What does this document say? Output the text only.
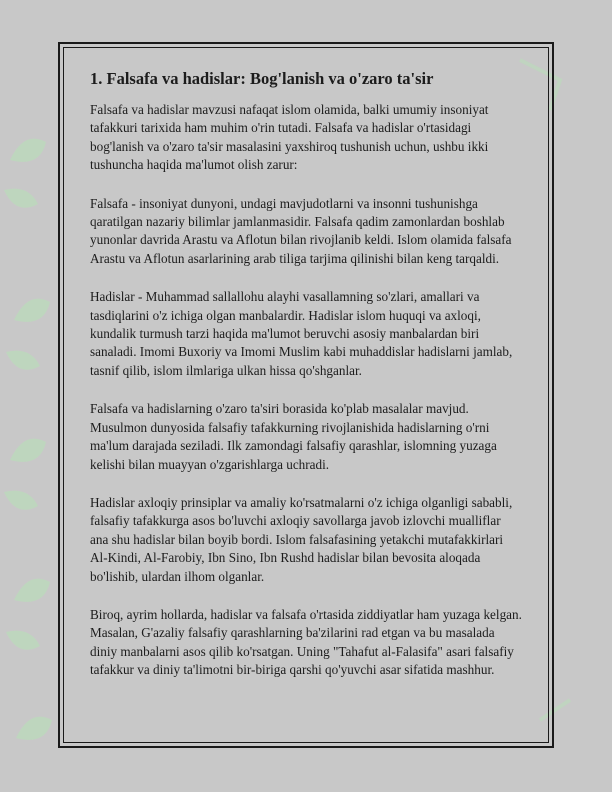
1. Falsafa va hadislar: Bog'lanish va o'zaro ta'sir

Falsafa va hadislar mavzusi nafaqat islom olamida, balki umumiy insoniyat tafakkuri tarixida ham muhim o'rin tutadi. Falsafa va hadislar o'rtasidagi bog'lanish va o'zaro ta'sir masalasini yaxshiroq tushunish uchun, ushbu ikki tushuncha haqida ma'lumot olish zarur:

Falsafa - insoniyat dunyoni, undagi mavjudotlarni va insonni tushunishga qaratilgan nazariy bilimlar jamlanmasidir. Falsafa qadim zamonlardan boshlab yunonlar davrida Arastu va Aflotun bilan rivojlanib keldi. Islom olamida falsafa Arastu va Aflotun asarlarining arab tiliga tarjima qilinishi bilan keng tarqaldi.

Hadislar - Muhammad sallallohu alayhi vasallamning so'zlari, amallari va tasdiqlarini o'z ichiga olgan manbalardir. Hadislar islom huquqi va axloqi, kundalik turmush tarzi haqida ma'lumot beruvchi asosiy manbalardan biri sanaladi. Imomi Buxoriy va Imomi Muslim kabi muhaddislar hadislarni jamlab, tasnif qilib, islom ilmlariga ulkan hissa qo'shganlar.

Falsafa va hadislarning o'zaro ta'siri borasida ko'plab masalalar mavjud. Musulmon dunyosida falsafiy tafakkurning rivojlanishida hadislarning o'rni ma'lum darajada seziladi. Ilk zamondagi falsafiy qarashlar, islomning yuzaga kelishi bilan muayyan o'zgarishlarga uchradi.

Hadislar axloqiy prinsiplar va amaliy ko'rsatmalarni o'z ichiga olganligi sababli, falsafiy tafakkurga asos bo'luvchi axloqiy savollarga javob izlovchi mualliflar ana shu hadislar bilan boyib bordi. Islom falsafasining yetakchi mutafakkirlari Al-Kindi, Al-Farobiy, Ibn Sino, Ibn Rushd hadislar bilan bevosita aloqada bo'lishib, ulardan ilhom olganlar.

Biroq, ayrim hollarda, hadislar va falsafa o'rtasida ziddiyatlar ham yuzaga kelgan. Masalan, G'azaliy falsafiy qarashlarning ba'zilarini rad etgan va bu masalada diniy manbalarni asos qilib ko'rsatgan. Uning "Tahafut al-Falasifa" asari falsafiy tafakkur va diniy ta'limotni bir-biriga qarshi qo'yuvchi asar sifatida mashhur.
